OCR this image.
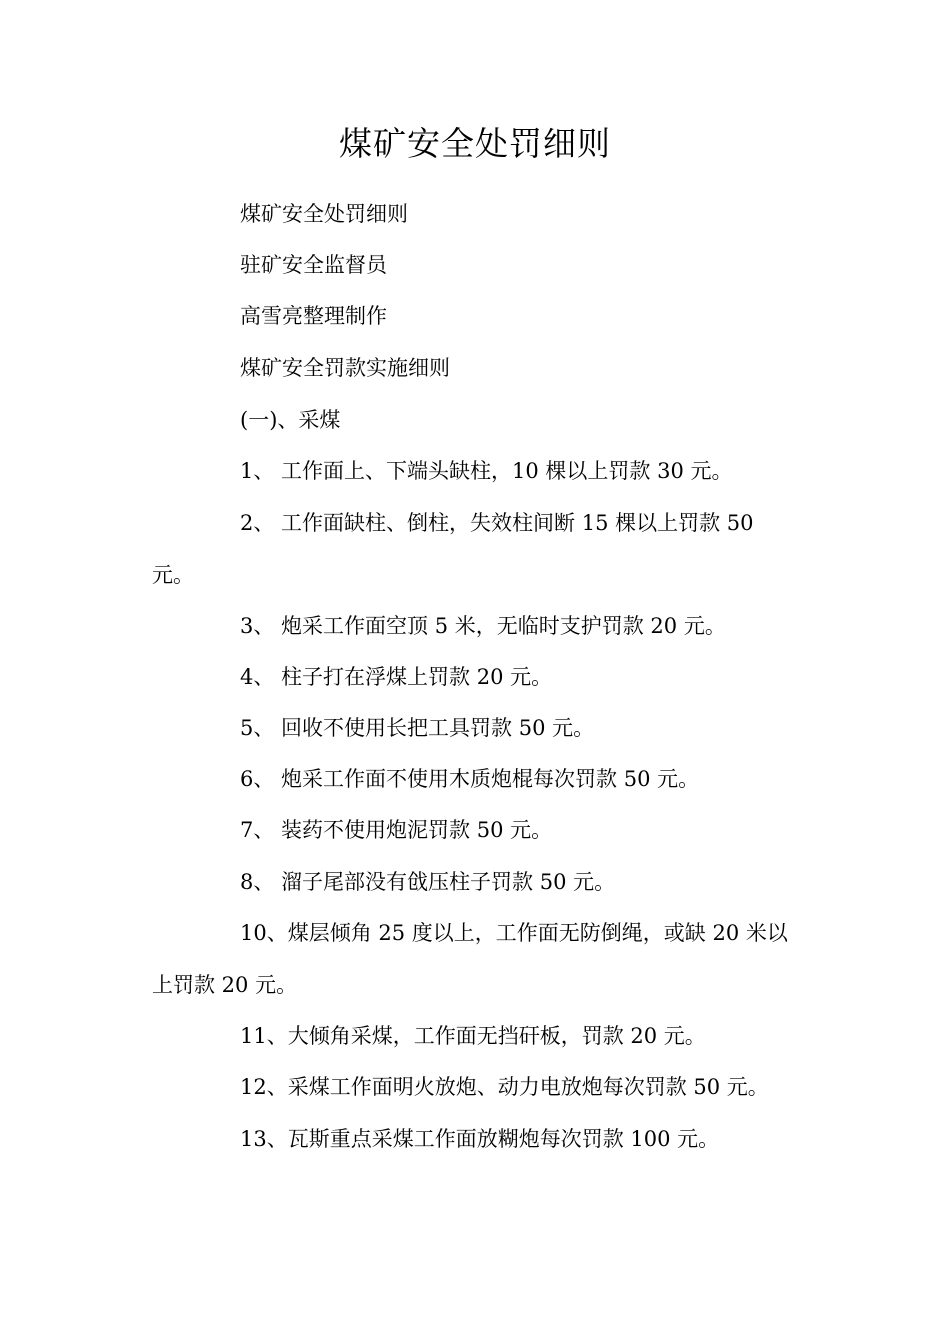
煤矿安全处罚细则
煤矿安全处罚细则
驻矿安全监督员
高雪亮整理制作
煤矿安全罚款实施细则
(一)、采煤
1、 工作面上、下端头缺柱，10 棵以上罚款 30 元。
2、 工作面缺柱、倒柱，失效柱间断 15 棵以上罚款 50
元。
3、 炮采工作面空顶 5 米，无临时支护罚款 20 元。
4、 柱子打在浮煤上罚款 20 元。
5、 回收不使用长把工具罚款 50 元。
6、 炮采工作面不使用木质炮棍每次罚款 50 元。
7、 装药不使用炮泥罚款 50 元。
8、 溜子尾部没有戗压柱子罚款 50 元。
10、煤层倾角 25 度以上，工作面无防倒绳，或缺 20 米以
上罚款 20 元。
11、大倾角采煤，工作面无挡矸板，罚款 20 元。
12、采煤工作面明火放炮、动力电放炮每次罚款 50 元。
13、瓦斯重点采煤工作面放糊炮每次罚款 100 元。
